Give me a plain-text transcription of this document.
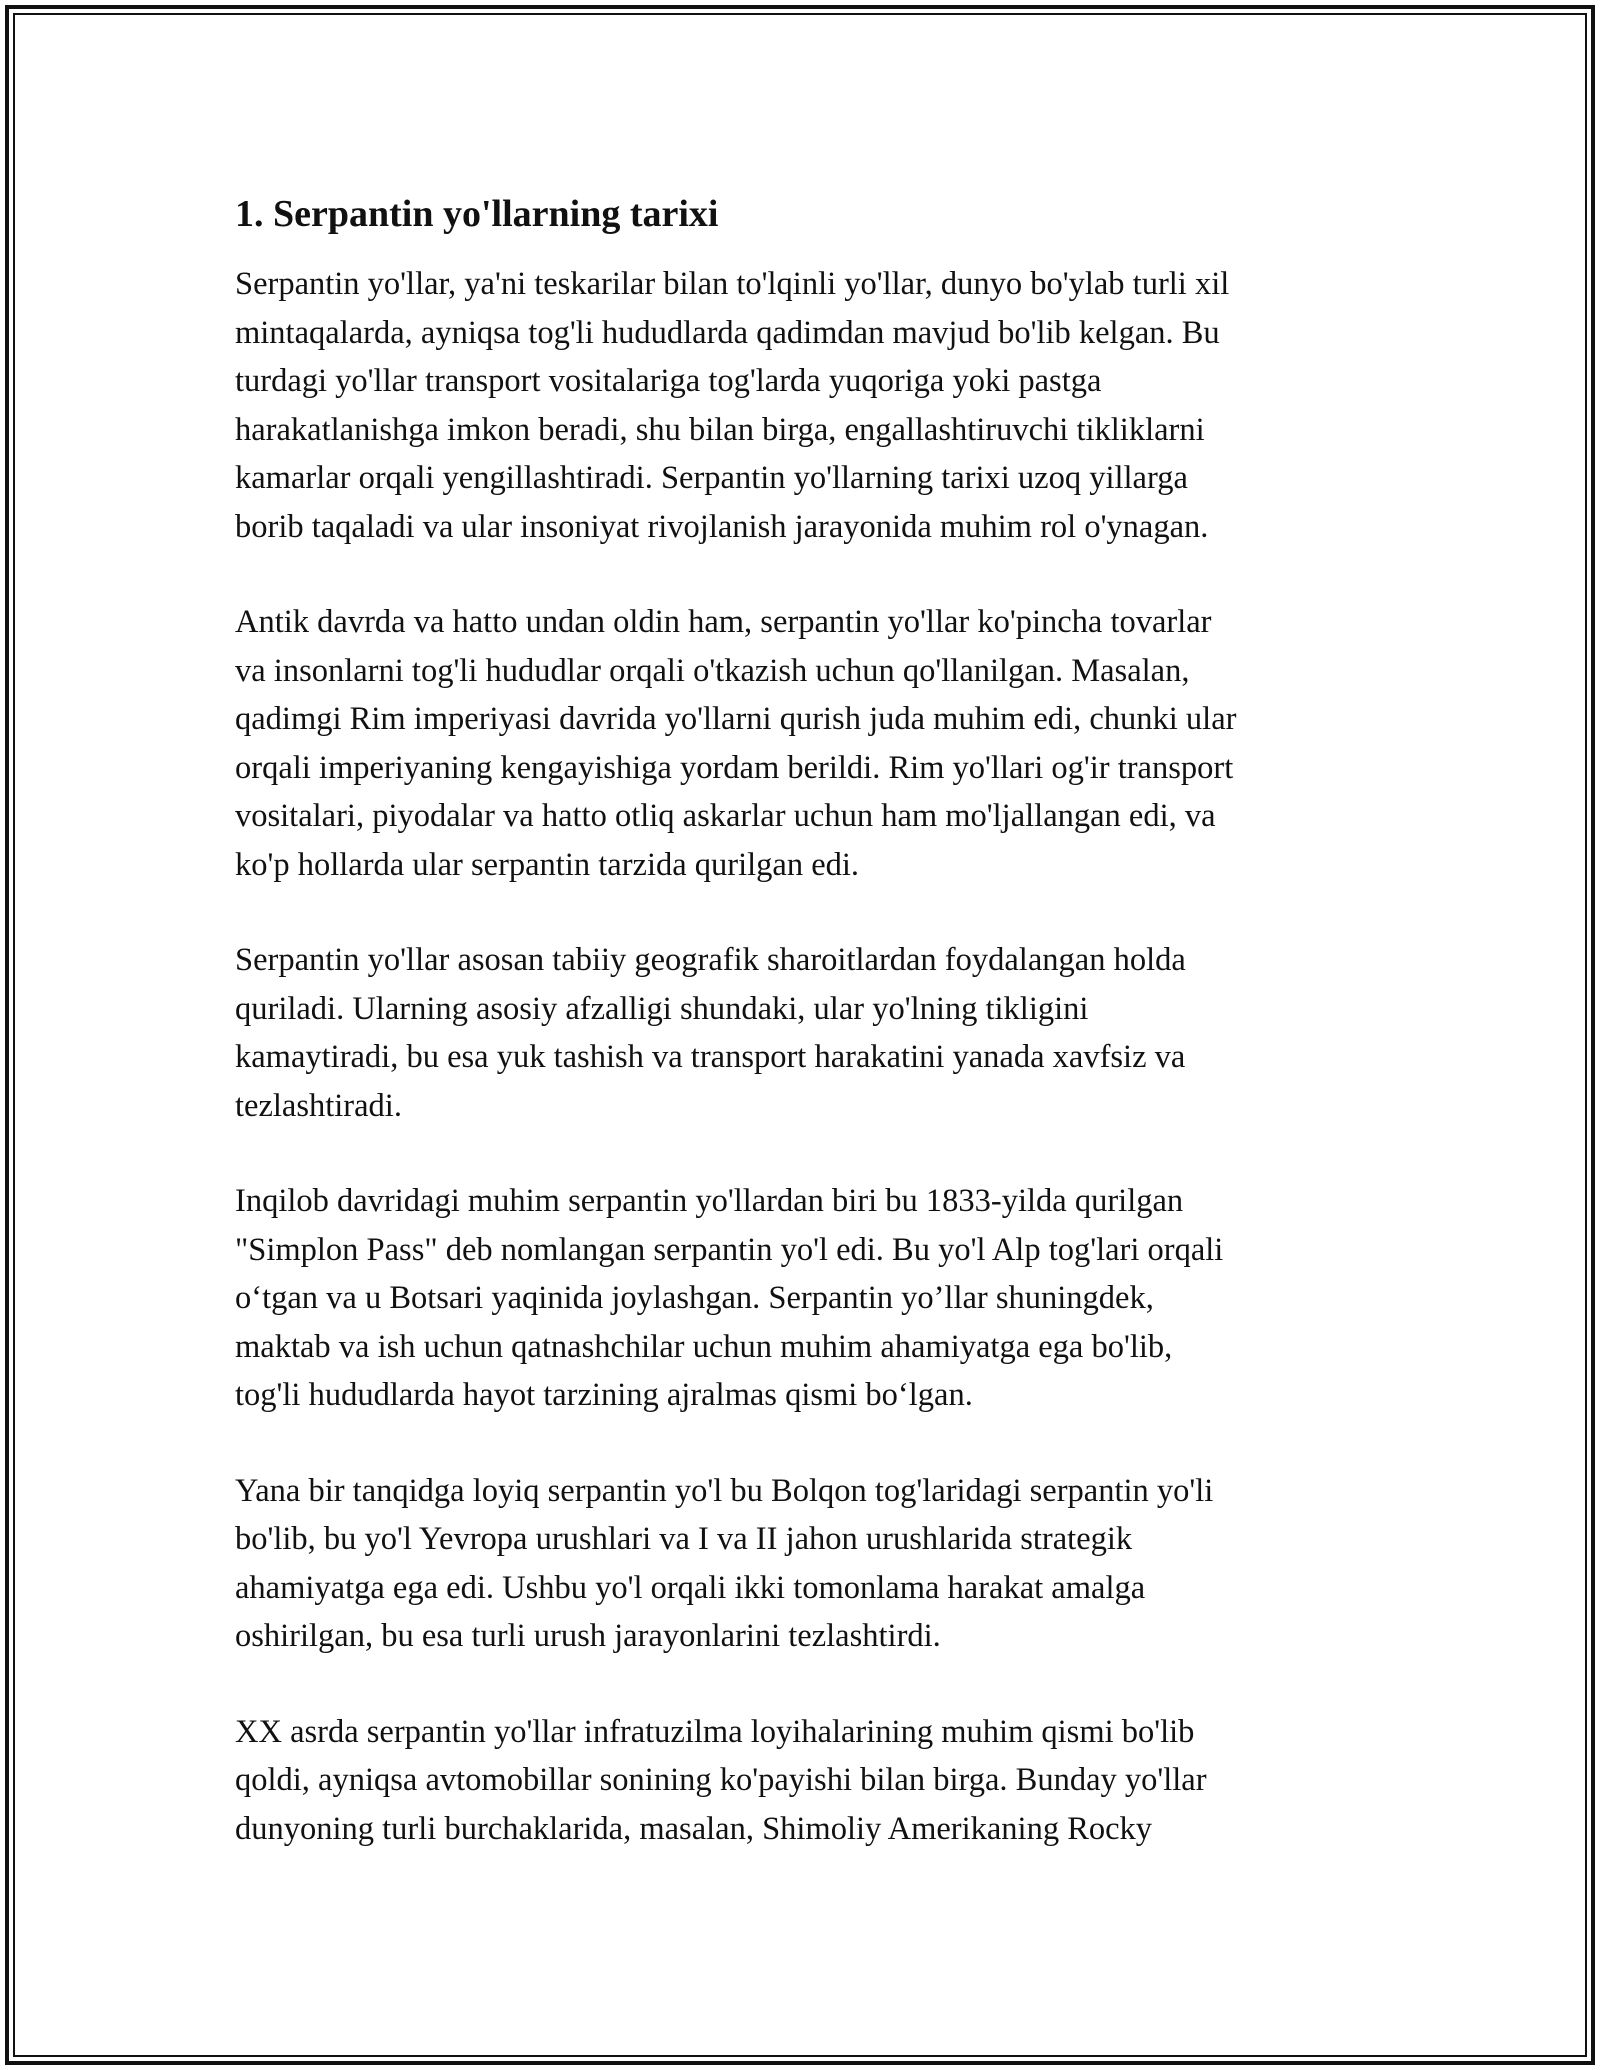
1. Serpantin yo'llarning tarixi

Serpantin yo'llar, ya'ni teskarilar bilan to'lqinli yo'llar, dunyo bo'ylab turli xil
mintaqalarda, ayniqsa tog'li hududlarda qadimdan mavjud bo'lib kelgan. Bu
turdagi yo'llar transport vositalariga tog'larda yuqoriga yoki pastga
harakatlanishga imkon beradi, shu bilan birga, engallashtiruvchi tikliklarni
kamarlar orqali yengillashtiradi. Serpantin yo'llarning tarixi uzoq yillarga
borib taqaladi va ular insoniyat rivojlanish jarayonida muhim rol o'ynagan.

Antik davrda va hatto undan oldin ham, serpantin yo'llar ko'pincha tovarlar
va insonlarni tog'li hududlar orqali o'tkazish uchun qo'llanilgan. Masalan,
qadimgi Rim imperiyasi davrida yo'llarni qurish juda muhim edi, chunki ular
orqali imperiyaning kengayishiga yordam berildi. Rim yo'llari og'ir transport
vositalari, piyodalar va hatto otliq askarlar uchun ham mo'ljallangan edi, va
ko'p hollarda ular serpantin tarzida qurilgan edi.

Serpantin yo'llar asosan tabiiy geografik sharoitlardan foydalangan holda
quriladi. Ularning asosiy afzalligi shundaki, ular yo'lning tikligini
kamaytiradi, bu esa yuk tashish va transport harakatini yanada xavfsiz va
tezlashtiradi.

Inqilob davridagi muhim serpantin yo'llardan biri bu 1833-yilda qurilgan
"Simplon Pass" deb nomlangan serpantin yo'l edi. Bu yo'l Alp tog'lari orqali
o‘tgan va u Botsari yaqinida joylashgan. Serpantin yo’llar shuningdek,
maktab va ish uchun qatnashchilar uchun muhim ahamiyatga ega bo'lib,
tog'li hududlarda hayot tarzining ajralmas qismi bo‘lgan.

Yana bir tanqidga loyiq serpantin yo'l bu Bolqon tog'laridagi serpantin yo'li
bo'lib, bu yo'l Yevropa urushlari va I va II jahon urushlarida strategik
ahamiyatga ega edi. Ushbu yo'l orqali ikki tomonlama harakat amalga
oshirilgan, bu esa turli urush jarayonlarini tezlashtirdi.

XX asrda serpantin yo'llar infratuzilma loyihalarining muhim qismi bo'lib
qoldi, ayniqsa avtomobillar sonining ko'payishi bilan birga. Bunday yo'llar
dunyoning turli burchaklarida, masalan, Shimoliy Amerikaning Rocky
